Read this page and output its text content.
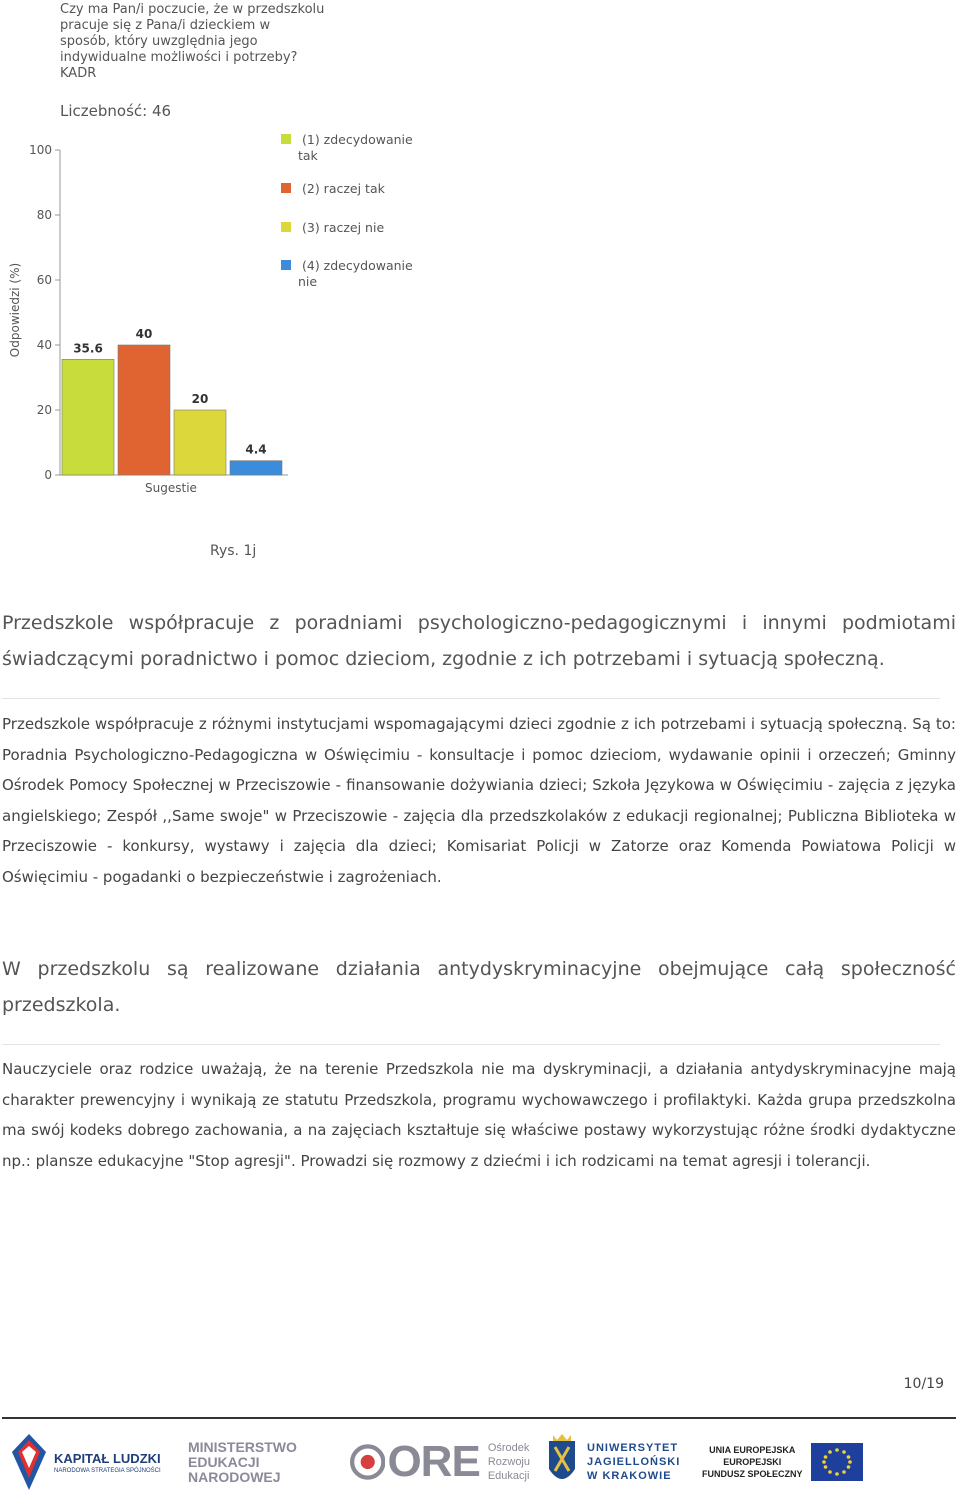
Czy ma Pan/i poczucie, że w przedszkolu
pracuje się z Pana/i dzieckiem w
sposób, który uwzględnia jego
indywidualne możliwości i potrzeby?
KADR
Liczebność: 46
Odpowiedzi (%)
0
20
40
60
80
100
35.6
40
20
4.4
Sugestie
(1) zdecydowanie
tak
(2) raczej tak
(3) raczej nie
(4) zdecydowanie
nie
Rys. 1j
Przedszkole współpracuje z poradniami psychologiczno-pedagogicznymi i innymi podmiotami świadczącymi poradnictwo i pomoc dzieciom, zgodnie z ich potrzebami i sytuacją społeczną.
Przedszkole współpracuje z różnymi instytucjami wspomagającymi dzieci zgodnie z ich potrzebami i sytuacją społeczną. Są to: Poradnia Psychologiczno-Pedagogiczna w Oświęcimiu - konsultacje i pomoc dzieciom, wydawanie opinii i orzeczeń; Gminny Ośrodek Pomocy Społecznej w Przeciszowie - finansowanie dożywiania dzieci; Szkoła Językowa w Oświęcimiu - zajęcia z języka angielskiego; Zespół ,,Same swoje" w Przeciszowie - zajęcia dla przedszkolaków z edukacji regionalnej; Publiczna Biblioteka w Przeciszowie - konkursy, wystawy i zajęcia dla dzieci; Komisariat Policji w Zatorze oraz Komenda Powiatowa Policji w Oświęcimiu - pogadanki o bezpieczeństwie i zagrożeniach.
W przedszkolu są realizowane działania antydyskryminacyjne obejmujące całą społeczność przedszkola.
Nauczyciele oraz rodzice uważają, że na terenie Przedszkola nie ma dyskryminacji, a działania antydyskryminacyjne mają charakter prewencyjny i wynikają ze statutu Przedszkola, programu wychowawczego i profilaktyki. Każda grupa przedszkolna ma swój kodeks dobrego zachowania, a na zajęciach kształtuje się właściwe postawy wykorzystując różne środki dydaktyczne np.: plansze edukacyjne "Stop agresji". Prowadzi się rozmowy z dziećmi i ich rodzicami na temat agresji i tolerancji.
10/19
KAPITAŁ LUDZKI
NARODOWA STRATEGIA SPÓJNOŚCI
MINISTERSTWO
EDUKACJI
NARODOWEJ	ORE Ośrodek
Rozwoju
Edukacji
UNIWERSYTET
JAGIELLOŃSKI
W KRAKOWIE
UNIA EUROPEJSKA
EUROPEJSKI
FUNDUSZ SPOŁECZNY
